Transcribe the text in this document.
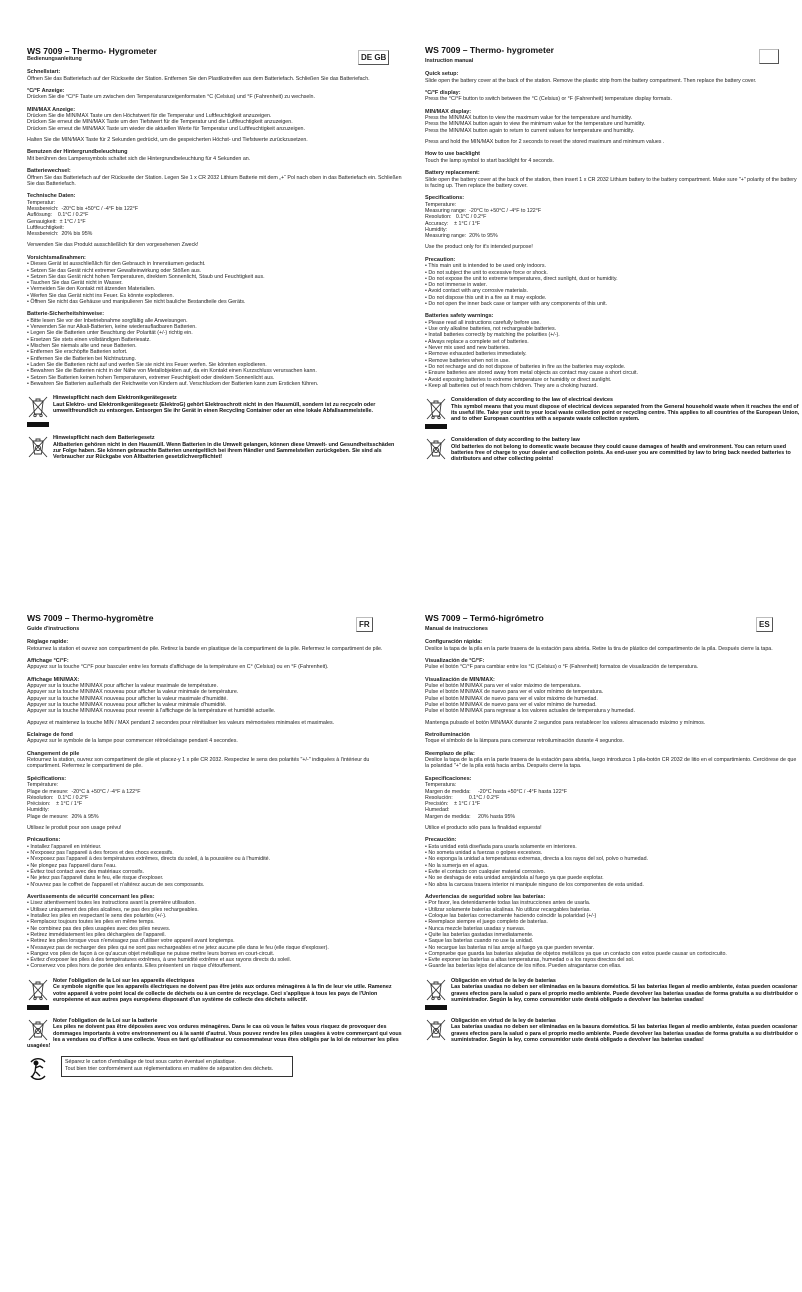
WS 7009 – Thermo- Hygrometer
DE GB
Bedienungsanleitung
Schnellstart:

Öffnen Sie das Batteriefach auf der Rückseite der Station. Entfernen Sie den Plastikstreifen aus dem Batteriefach. Schließen Sie das Batteriefach.

°C/°F Anzeige:

Drücken Sie die °C/°F Taste um zwischen den Temperaturanzeigenformaten °C (Celsius) und °F (Fahrenheit) zu wechseln.

MIN/MAX Anzeige:

Drücken Sie die MIN/MAX Taste um den Höchstwert für die Temperatur und Luftfeuchtigkeit anzuzeigen.

Drücken Sie erneut die MIN/MAX Taste um den Tiefstwert für die Temperatur und die Luftfeuchtigkeit anzuzeigen.

Drücken Sie erneut die MIN/MAX Taste um wieder die aktuellen Werte für Temperatur und Luftfeuchtigkeit anzuzeigen.

Halten Sie die MIN/MAX Taste für 2 Sekunden gedrückt, um die gespeicherten Höchst- und Tiefstwerte zurückzusetzen.

Benutzen der Hintergrundbeleuchtung

Mit berühren des Lampensymbols schaltet sich die Hintergrundbeleuchtung für 4 Sekunden an.

Batteriewechsel:

Öffnen Sie das Batteriefach auf der Rückseite der Station. Legen Sie 1 x CR 2032 Lithium Batterie mit dem „+“ Pol nach oben in das Batteriefach ein. Schließen Sie das Batteriefach.

Technische Daten:

Temperatur:

Messbereich:  -20°C bis +50°C / -4°F bis 122°F

Auflösung:    0.1°C / 0.2°F

Genauigkeit:  ± 1°C / 1°F

Luftfeuchtigkeit:

Messbereich:  20% bis 95%

Verwenden Sie das Produkt ausschließlich für den vorgesehenen Zweck!

Vorsichtsmaßnahmen:
• Dieses Gerät ist ausschließlich für den Gebrauch in Innenräumen gedacht.
• Setzen Sie das Gerät nicht extremer Gewalteinwirkung oder Stößen aus.
• Setzen Sie das Gerät nicht hohen Temperaturen, direktem Sonnenlicht, Staub und Feuchtigkeit aus.
• Tauchen Sie das Gerät nicht in Wasser.
• Vermeiden Sie den Kontakt mit ätzenden Materialien.
• Werfen Sie das Gerät nicht ins Feuer. Es könnte explodieren.
• Öffnen Sie nicht das Gehäuse und manipulieren Sie nicht bauliche Bestandteile des Geräts.
Batterie-Sicherheitshinweise:
• Bitte lesen Sie vor der Inbetriebnahme sorgfältig alle Anweisungen.
• Verwenden Sie nur Alkali-Batterien, keine wiederaufladbaren Batterien.
• Legen Sie die Batterien unter Beachtung der Polarität (+/-) richtig ein.
• Ersetzen Sie stets einen vollständigen Batteriesatz.
• Mischen Sie niemals alte und neue Batterien.
• Entfernen Sie erschöpfte Batterien sofort.
• Entfernen Sie die Batterien bei Nichtnutzung.
• Laden Sie die Batterien nicht auf und werfen Sie sie nicht ins Feuer werfen. Sie könnten explodieren.
• Bewahren Sie die Batterien nicht in der Nähe von Metallobjekten auf, da ein Kontakt einen Kurzschluss verursachen kann.
• Setzen Sie Batterien keinen hohen Temperaturen, extremer Feuchtigkeit oder direktem Sonnenlicht aus.
• Bewahren Sie Batterien außerhalb der Reichweite von Kindern auf. Verschlucken der Batterien kann zum Ersticken führen.
Hinweispflicht nach dem Elektronikgerätegesetz
Laut Elektro- und Elektronikgerätegesetz (ElektroG) gehört Elektroschrott nicht in den Hausmüll, sondern ist zu recyceln oder umweltfreundlich zu entsorgen. Entsorgen Sie ihr Gerät in einen Recycling Container oder an eine lokale Abfallsammelstelle.
Hinweispflicht nach dem Batteriegesetz
Altbatterien gehören nicht in den Hausmüll. Wenn Batterien in die Umwelt gelangen, können diese Umwelt- und Gesundheitsschäden zur Folge haben. Sie können gebrauchte Batterien unentgeltlich bei ihrem Händler und Sammelstellen zurückgeben. Sie sind als Verbraucher zur Rückgabe von Altbatterien gesetzlichverpflichtet!
WS 7009 – Thermo- hygrometer
Instruction manual
Quick setup:

Slide open the battery cover at the back of the station. Remove the plastic strip from the battery compartment. Then replace the battery cover.

°C/°F display:

Press the °C/°F button to switch between the °C (Celsius) or °F (Fahrenheit) temperature display formats.

MIN/MAX display:

Press the MIN/MAX button to view the maximum value for the temperature and humidity.

Press the MIN/MAX button again to view the minimum value for the temperature und humidity.

Press the MIN/MAX button again to return to current values for temperature and humidity.

Press and hold the MIN/MAX button for 2 seconds to reset the stored maximum and minimum values .

How to use backlight

Touch the lamp symbol to start backlight for 4 seconds.

Battery replacement:

Slide open the battery cover at the back of the station, then insert 1 x CR 2032 Lithium battery to the battery compartment. Make sure "+" polarity of the battery is facing up. Then replace the battery cover.

Specifications:

Temperature:

Measuring range:  -20°C to +50°C / -4°F to 122°F

Resolution:   0.1°C / 0.2°F

Accuracy:    ± 1°C / 1°F

Humidity:

Measuring range:  20% to 95%

Use the product only for it's intended purpose!

Precaution:
• This main unit is intended to be used only indoors.
• Do not subject the unit to excessive force or shock.
• Do not expose the unit to extreme temperatures, direct sunlight, dust or humidity.
• Do not immerse in water.
• Avoid contact with any corrosive materials.
• Do not dispose this unit in a fire as it may explode.
• Do not open the inner back case or tamper with any components of this unit.
Batteries safety warnings:
• Please read all instructions carefully before use.
• Use only alkaline batteries, not rechargeable batteries.
• Install batteries correctly by matching the polarities (+/-).
• Always replace a complete set of batteries.
• Never mix used and new batteries.
• Remove exhausted batteries immediately.
• Remove batteries when not in use.
• Do not recharge and do not dispose of batteries in fire as the batteries may explode.
• Ensure batteries are stored away from metal objects as contact may cause a short circuit.
• Avoid exposing batteries to extreme temperature or humidity or direct sunlight.
• Keep all batteries out of reach from children. They are a choking hazard.
Consideration of duty according to the law of electrical devices
This symbol means that you must dispose of electrical devices separated from the General household waste when it reaches the end of its useful life. Take your unit to your local waste collection point or recycling centre. This applies to all countries of the European Union, and to other European countries with a separate waste collection system.
Consideration of duty according to the battery law
Old batteries do not belong to domestic waste because they could cause damages of health and environment. You can return used batteries free of charge to your dealer and collection points. As end-user you are committed by law to bring back needed batteries to distributors and other collecting points!
WS 7009 – Thermo-hygromètre
FR
Guide d'instructions
Réglage rapide:

Retournez la station et ouvrez son compartiment de pile. Retirez la bande en plastique de la compartiment de la pile. Refermez le compartiment de pile.

Affichage °C/°F:

Appuyez sur la touche °C/°F pour basculer entre les formats d'affichage de la température en C° (Celsius) ou en °F (Fahrenheit).

Affichage MIN/MAX:

Appuyer sur la touche MIN/MAX pour afficher la valeur maximale de température.

Appuyer sur la touche MIN/MAX nouveau pour afficher la valeur minimale de température.

Appuyer sur la touche MIN/MAX nouveau pour afficher la valeur maximale d'humidité.

Appuyer sur la touche MIN/MAX nouveau pour afficher la valeur minimale d'humidité.

Appuyer sur la touche MIN/MAX nouveau pour revenir à l'affichage de la température et humidité actuelle.

Appuyez et maintenez la touche MIN / MAX pendant 2 secondes pour réinitialiser les valeurs mémorisées minimales et maximales.

Eclairage de fond

Appuyez sur le symbole de la lampe pour commencer rétroéclairage pendant 4 secondes.

Changement de pile

Retournez la station, ouvrez son compartiment de pile et placez-y 1 x pile CR 2032. Respectez le sens des polarités "+/-" indiquées à l'intérieur du compartiment. Refermez le compartiment de pile.

Spécifications:

Température:

Plage de mesure:  -20°C à +50°C / -4°F à 122°F

Résolution:   0.1°C / 0.2°F

Précision:    ± 1°C / 1°F

Humidity:

Plage de mesure:  20% à 95%

Utilisez le produit pour son usage prévu!

Précautions:
• Installez l'appareil en intérieur.
• N'exposez pas l'appareil à des forces et des chocs excessifs.
• N'exposez pas l'appareil à des températures extrêmes, directs du soleil, à la poussière ou à l'humidité.
• Ne plongez pas l'appareil dans l'eau.
• Évitez tout contact avec des matériaux corrosifs.
• Ne jetez pas l'appareil dans le feu, elle risque d'exploser.
• N'ouvrez pas le coffret de l'appareil et n'altérez aucun de ses composants.
Avertissements de sécurité concernant les piles:
• Lisez attentivement toutes les instructions avant la première utilisation.
• Utilisez uniquement des piles alcalines, ne pas des piles rechargeables.
• Installez les piles en respectant le sens des polarités (+/-).
• Remplacez toujours toutes les piles en même temps.
• Ne combinez pas des piles usagées avec des piles neuves.
• Retirez immédiatement les piles déchargées de l'appareil.
• Retirez les piles lorsque vous n'envisagez pas d'utiliser votre appareil avant longtemps.
• N'essayez pas de recharger des piles qui ne sont pas rechargeables et ne jetez aucune pile dans le feu (elle risque d'exploser).
• Rangez vos piles de façon à ce qu'aucun objet métallique ne puisse mettre leurs bornes en court-circuit.
• Évitez d'exposer les piles à des températures extrêmes, à une humidité extrême et aux rayons directs du soleil.
• Conservez vos piles hors de portée des enfants. Elles présentent un risque d'étouffement.
Noter l'obligation de la Loi sur les appareils électriques
Ce symbole signifie que les appareils électriques ne doivent pas être jetés aux ordures ménagères à la fin de leur vie utile. Ramenez votre appareil à votre point local de collecte de déchets ou à un centre de recyclage. Ceci s'applique à tous les pays de l'Union européenne et aux autres pays européens disposant d'un système de collecte des déchets sélectif.
Noter l'obligation de la Loi sur la batterie
Les piles ne doivent pas être déposées avec vos ordures ménagères. Dans le cas où vous le faites vous risquez de provoquer des dommages importants à votre environnement ou à la santé d'autrui. Vous pouvez rendre les piles usagées à votre commerçant qui vous les a vendues ou d'office à une collecte. Vous en tant qu'utilisateur ou consommateur vous êtes obligés par la loi de retourner les piles usagées!

Séparez le carton d'emballage de tout sous carton éventuel en plastique.

Tout bien trier conformément aux réglementations en matière de séparation des déchets.

WS 7009 – Termó-higrómetro
ES
Manual de instrucciones
Configuración rápida:

Deslice la tapa de la pila en la parte trasera de la estación para abrirla. Retire la tira de plástico del compartimento de la pila. Después cierre la tapa.

Visualización de °C/°F:

Pulse el botón °C/°F para cambiar entre los °C (Celsius) o °F (Fahrenheit) formatos de visualización de temperatura.

Visualización de MIN/MAX:

Pulse el botón MIN/MAX para ver el valor máximo de temperatura.

Pulse el botón MIN/MAX de nuevo para ver el valor mínimo de temperatura.

Pulse el botón MIN/MAX de nuevo para ver el valor máximo de humedad.

Pulse el botón MIN/MAX de nuevo para ver el valor mínimo de humedad.

Pulse el botón MIN/MAX para regresar a los valores actuales de temperatura y humedad.

Mantenga pulsado el botón MIN/MAX durante 2 segundos para restablecer los valores almacenado máximo y mínimos.

Retroiluminación

Toque el símbolo de la lámpara para comenzar retroiluminación durante 4 segundos.

Reemplazo de pila:

Deslice la tapa de la pila en la parte trasera de la estación para abrirla, luego introduzca 1 pila-botón CR 2032 de litio en el compartimiento. Cerciórese de que la polaridad "+" de la pila está hacia arriba. Después cierre la tapa.

Especificaciones:

Temperatura:

Margen de medida:     -20°C hasta +50°C / -4°F hasta 122°F

Resolución:           0.1°C / 0.2°F

Precisión:    ± 1°C / 1°F

Humedad:

Margen de medida:     20% hasta 95%

Utilice el producto sólo para la finalidad expuesta!

Precaución:
• Esta unidad está diseñada para usarla solamente en interiores.
• No someta unidad a fuerzas o golpes excesivos.
• No exponga la unidad a temperaturas extremas, directa a los rayos del sol, polvo o humedad.
• No la sumerja en el agua.
• Evite el contacto con cualquier material corrosivo.
• No se deshaga de esta unidad arrojándola al fuego ya que puede explotar.
• No abra la carcasa trasera interior ni manipule ninguno de los componentes de esta unidad.
Advertencias de seguridad sobre las baterías:
• Por favor, lea detenidamente todas las instrucciones antes de usarla.
• Utilizar solamente baterías alcalinas. No utilizar recargables baterías.
• Coloque las baterías correctamente haciendo coincidir la polaridad (+/-)
• Reemplace siempre el juego completo de baterías.
• Nunca mezcle baterías usadas y nuevas.
• Quite las baterías gastadas inmediatamente.
• Saque las baterías cuando no use la unidad.
• No recargue las baterías ni las arroje al fuego ya que pueden reventar.
• Compruebe que guarda las baterías alejadas de objetos metálicos ya que un contacto con estos puede causar un cortocircuito.
• Evite exponer las baterías a altas temperaturas, humedad o a los rayos directos del sol.
• Guarde las baterías lejos del alcance de los niños. Pueden atragantarse con ellas.
Obligación en virtud de la ley de baterías
Las baterías usadas no deben ser eliminadas en la basura doméstica. Si las baterías llegan al medio ambiente, éstas pueden ocasionar graves efectos para la salud o para el proprio medio ambiente. Puede devolver las baterías usadas de forma gratuita a su distribuidor o suministrador. Según la ley, como consumidor uste destá obligado a devolver las baterías usadas!
Obligación en virtud de la ley de baterías
Las baterías usadas no deben ser eliminadas en la basura doméstica. Si las baterías llegan al medio ambiente, éstas pueden ocasionar graves efectos para la salud o para el proprio medio ambiente. Puede devolver las baterías usadas de forma gratuita a su distribuidor o suministrador. Según la ley, como consumidor uste destá obligado a devolver las baterías usadas!
